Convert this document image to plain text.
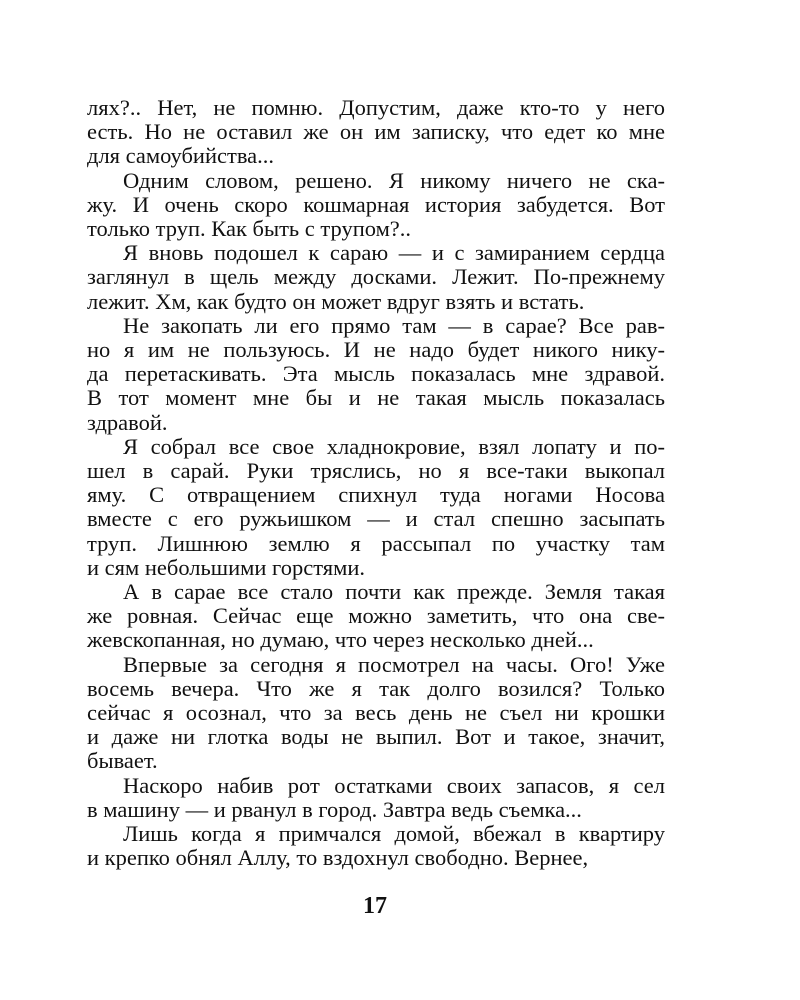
лях?.. Нет, не помню. Допустим, даже кто-то у него
есть. Но не оставил же он им записку, что едет ко мне
для самоубийства...
Одним словом, решено. Я никому ничего не ска-
жу. И очень скоро кошмарная история забудется. Вот
только труп. Как быть с трупом?..
Я вновь подошел к сараю — и с замиранием сердца
заглянул в щель между досками. Лежит. По-прежнему
лежит. Хм, как будто он может вдруг взять и встать.
Не закопать ли его прямо там — в сарае? Все рав-
но я им не пользуюсь. И не надо будет никого нику-
да перетаскивать. Эта мысль показалась мне здравой.
В тот момент мне бы и не такая мысль показалась
здравой.
Я собрал все свое хладнокровие, взял лопату и по-
шел в сарай. Руки тряслись, но я все-таки выкопал
яму. С отвращением спихнул туда ногами Носова
вместе с его ружьишком — и стал спешно засыпать
труп. Лишнюю землю я рассыпал по участку там
и сям небольшими горстями.
А в сарае все стало почти как прежде. Земля такая
же ровная. Сейчас еще можно заметить, что она све-
жевскопанная, но думаю, что через несколько дней...
Впервые за сегодня я посмотрел на часы. Ого! Уже
восемь вечера. Что же я так долго возился? Только
сейчас я осознал, что за весь день не съел ни крошки
и даже ни глотка воды не выпил. Вот и такое, значит,
бывает.
Наскоро набив рот остатками своих запасов, я сел
в машину — и рванул в город. Завтра ведь съемка...
Лишь когда я примчался домой, вбежал в квартиру
и крепко обнял Аллу, то вздохнул свободно. Вернее,
17
